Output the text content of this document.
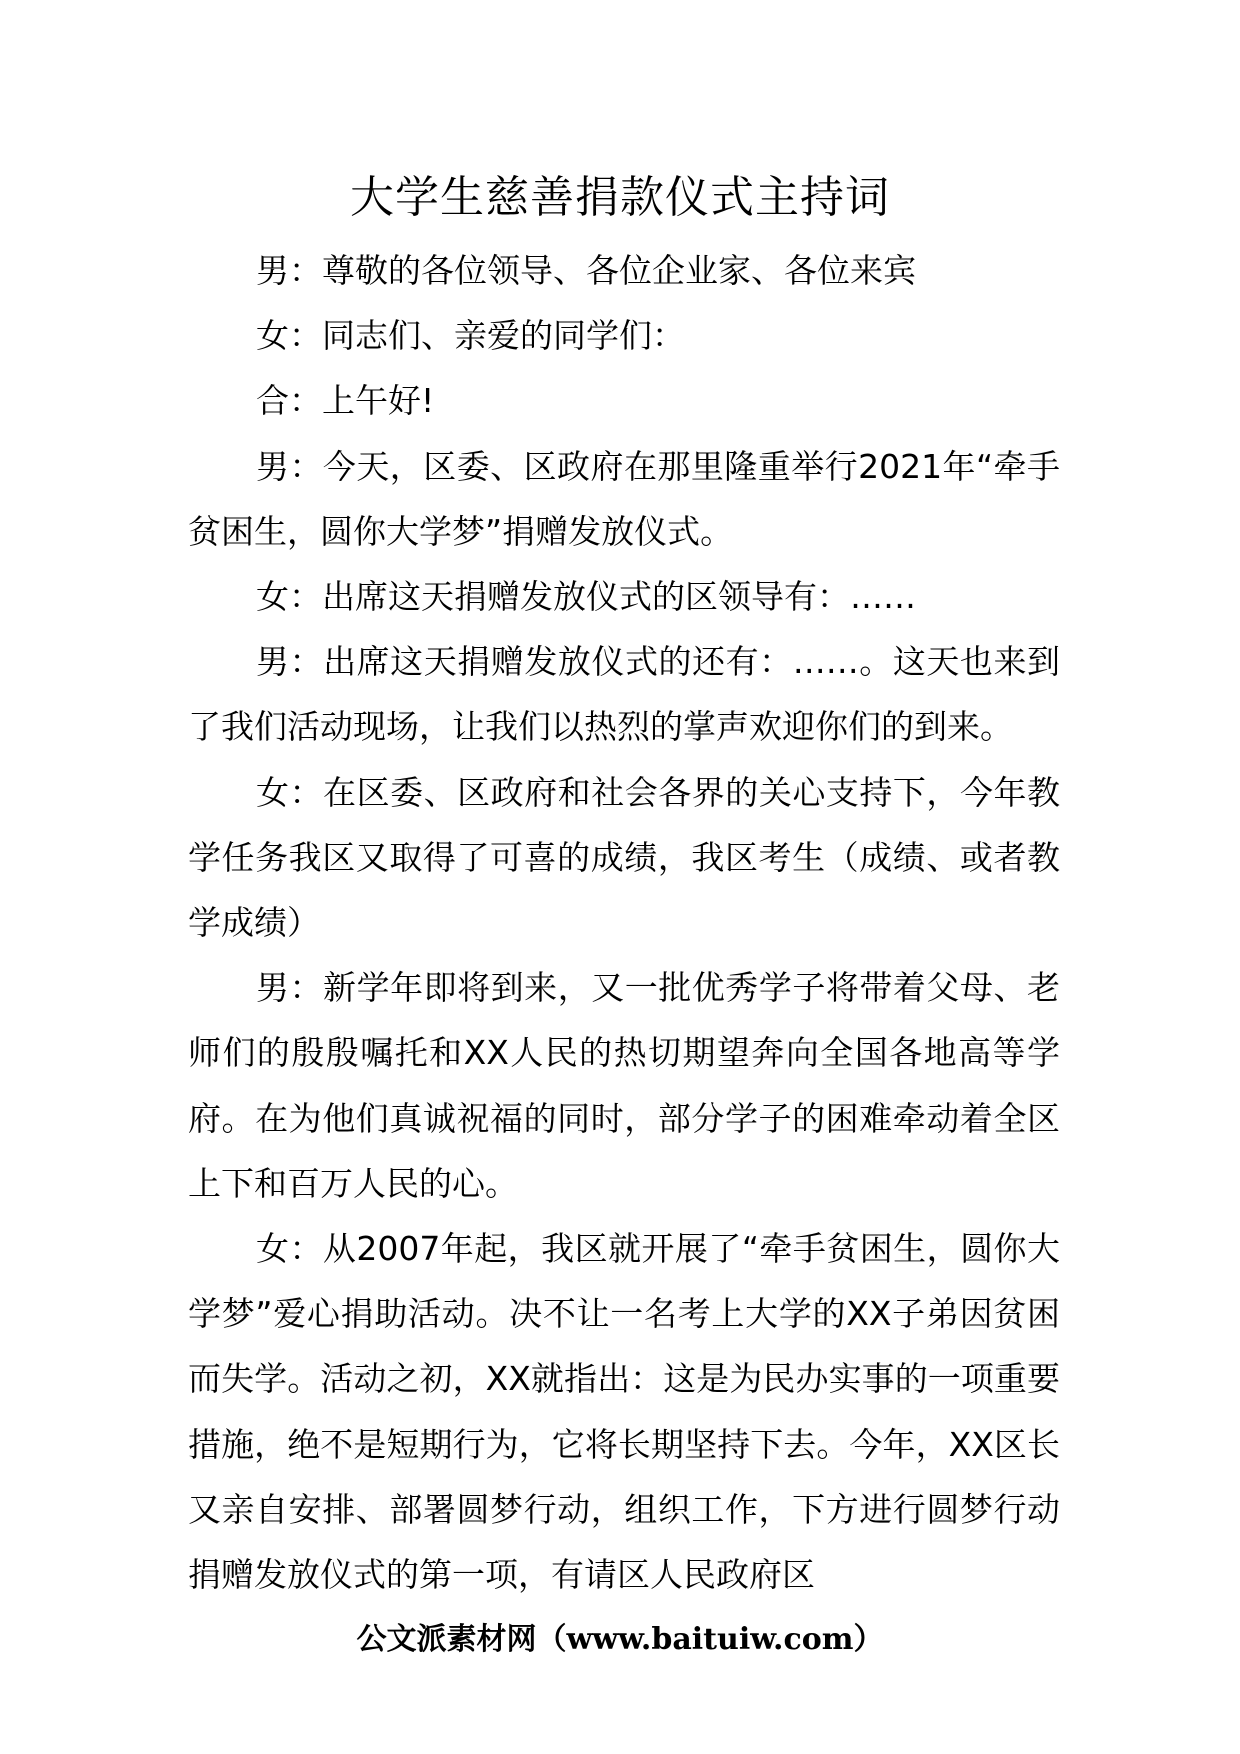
大学生慈善捐款仪式主持词

男：尊敬的各位领导、各位企业家、各位来宾

女：同志们、亲爱的同学们：

合：上午好!

男：今天，区委、区政府在那里隆重举行2021年“牵手贫困生，圆你大学梦”捐赠发放仪式。

女：出席这天捐赠发放仪式的区领导有：……

男：出席这天捐赠发放仪式的还有：……。这天也来到了我们活动现场，让我们以热烈的掌声欢迎你们的到来。

女：在区委、区政府和社会各界的关心支持下，今年教学任务我区又取得了可喜的成绩，我区考生（成绩、或者教学成绩）

男：新学年即将到来，又一批优秀学子将带着父母、老师们的殷殷嘱托和XX人民的热切期望奔向全国各地高等学府。在为他们真诚祝福的同时，部分学子的困难牵动着全区上下和百万人民的心。

女：从2007年起，我区就开展了“牵手贫困生，圆你大学梦”爱心捐助活动。决不让一名考上大学的XX子弟因贫困而失学。活动之初，XX就指出：这是为民办实事的一项重要措施，绝不是短期行为，它将长期坚持下去。今年，XX区长又亲自安排、部署圆梦行动，组织工作，下方进行圆梦行动捐赠发放仪式的第一项，有请区人民政府区

公文派素材网（www.baituiw.com）
